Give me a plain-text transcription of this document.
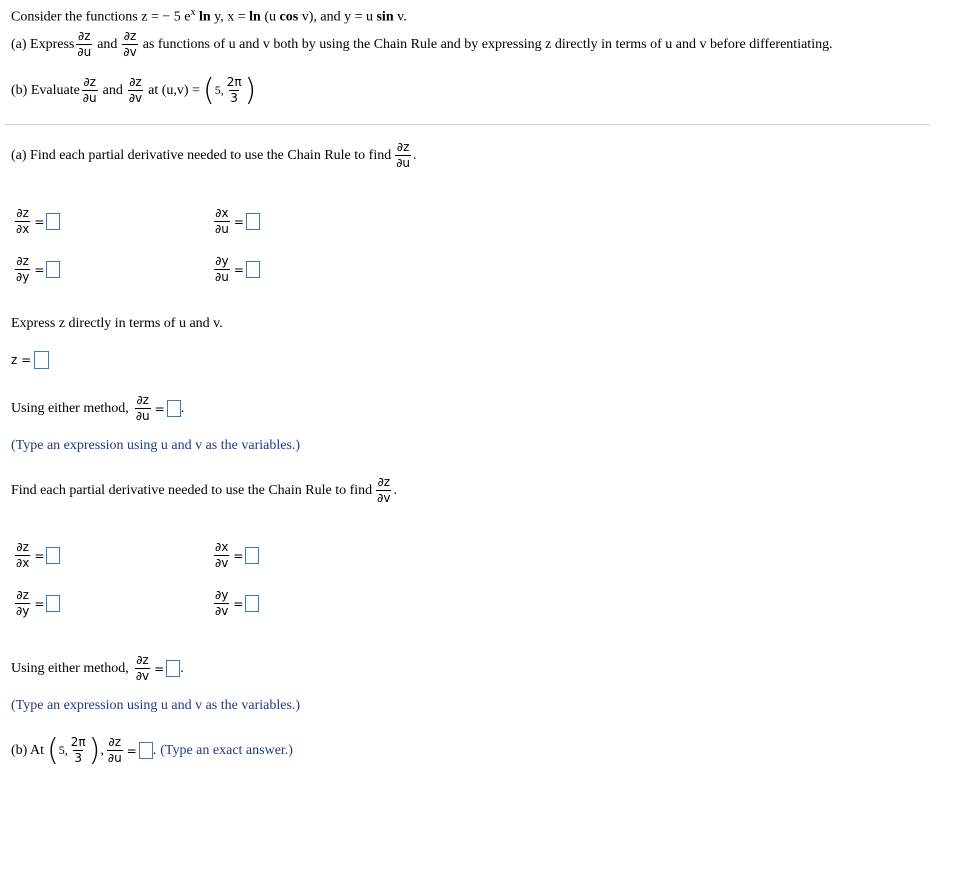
Consider the functions z = − 5 $e^x$ ln y, x = ln (u cos v), and y = u sin v.
(a) Express $\frac{\partial z}{\partial u}$ and $\frac{\partial z}{\partial v}$ as functions of u and v both by using the Chain Rule and by expressing z directly in terms of u and v before differentiating.
(b) Evaluate $\frac{\partial z}{\partial u}$ and $\frac{\partial z}{\partial v}$ at (u,v) = ( 5, $\frac{2\pi}{3}$ )
(a) Find each partial derivative needed to use the Chain Rule to find $\frac{\partial z}{\partial u}$ .
$\frac{\partial z}{\partial x}$ =	$\frac{\partial x}{\partial u}$ =
$\frac{\partial z}{\partial y}$ =	$\frac{\partial y}{\partial u}$ =
Express z directly in terms of u and v.
z =
Using either method, $\frac{\partial z}{\partial u}$ = .
(Type an expression using u and v as the variables.)
Find each partial derivative needed to use the Chain Rule to find $\frac{\partial z}{\partial v}$ .
$\frac{\partial z}{\partial x}$ =	$\frac{\partial x}{\partial v}$ =
$\frac{\partial z}{\partial y}$ =	$\frac{\partial y}{\partial v}$ =
Using either method, $\frac{\partial z}{\partial v}$ = .
(Type an expression using u and v as the variables.)
(b) At ( 5, $\frac{2\pi}{3}$ ) , $\frac{\partial z}{\partial u}$ = . (Type an exact answer.)
